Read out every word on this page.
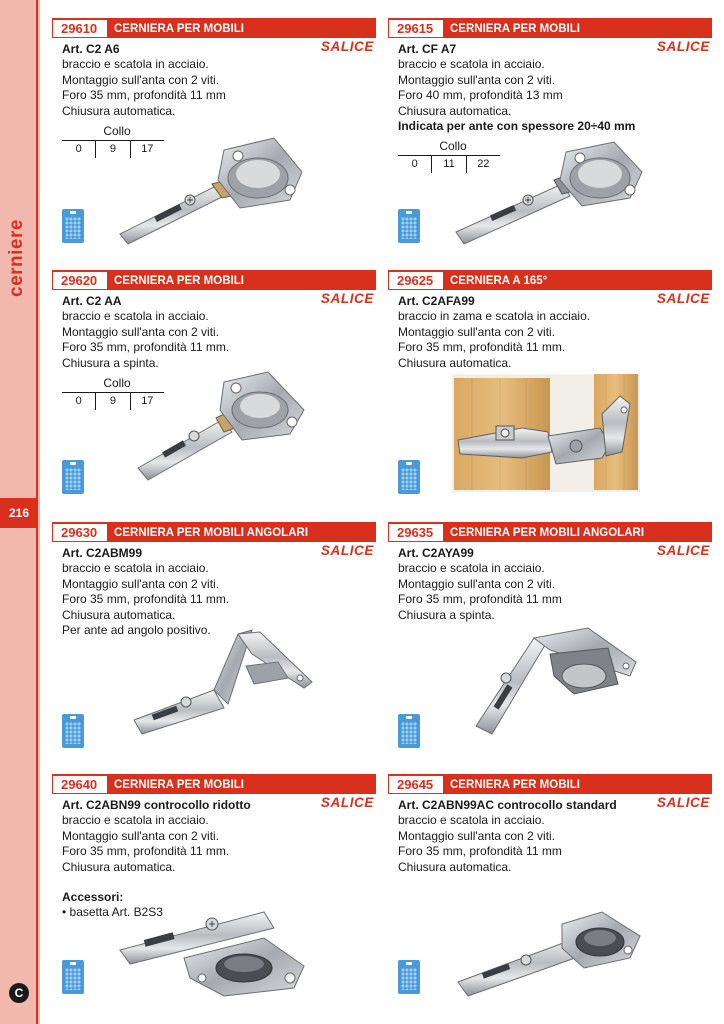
cerniere
216
C
29610	CERNIERA PER MOBILI
SALICE
Art. C2 A6
braccio e scatola in acciaio.
Montaggio sull'anta con 2 viti.
Foro 35 mm, profondità 11 mm
Chiusura automatica.
Collo
0	9	17
29615	CERNIERA PER MOBILI
SALICE
Art. CF A7
braccio e scatola in acciaio.
Montaggio sull'anta con 2 viti.
Foro 40 mm, profondità 13 mm
Chiusura automatica.
Indicata per ante con spessore 20÷40 mm
Collo
0	11	22
29620	CERNIERA PER MOBILI
SALICE
Art. C2 AA
braccio e scatola in acciaio.
Montaggio sull'anta con 2 viti.
Foro 35 mm, profondità 11 mm.
Chiusura a spinta.
Collo
0	9	17
29625	CERNIERA A 165°
SALICE
Art. C2AFA99
braccio in zama e scatola in acciaio.
Montaggio sull'anta con 2 viti.
Foro 35 mm, profondità 11 mm.
Chiusura automatica.
29630	CERNIERA PER MOBILI ANGOLARI
SALICE
Art. C2ABM99
braccio e scatola in acciaio.
Montaggio sull'anta con 2 viti.
Foro 35 mm, profondità 11 mm.
Chiusura automatica.
Per ante ad angolo positivo.
29635	CERNIERA PER MOBILI ANGOLARI
SALICE
Art. C2AYA99
braccio e scatola in acciaio.
Montaggio sull'anta con 2 viti.
Foro 35 mm, profondità 11 mm
Chiusura a spinta.
29640	CERNIERA PER MOBILI
SALICE
Art. C2ABN99 controcollo ridotto
braccio e scatola in acciaio.
Montaggio sull'anta con 2 viti.
Foro 35 mm, profondità 11 mm.
Chiusura automatica.
Accessori:
• basetta Art. B2S3
29645	CERNIERA PER MOBILI
SALICE
Art. C2ABN99AC controcollo standard
braccio e scatola in acciaio.
Montaggio sull'anta con 2 viti.
Foro 35 mm, profondità 11 mm
Chiusura automatica.
